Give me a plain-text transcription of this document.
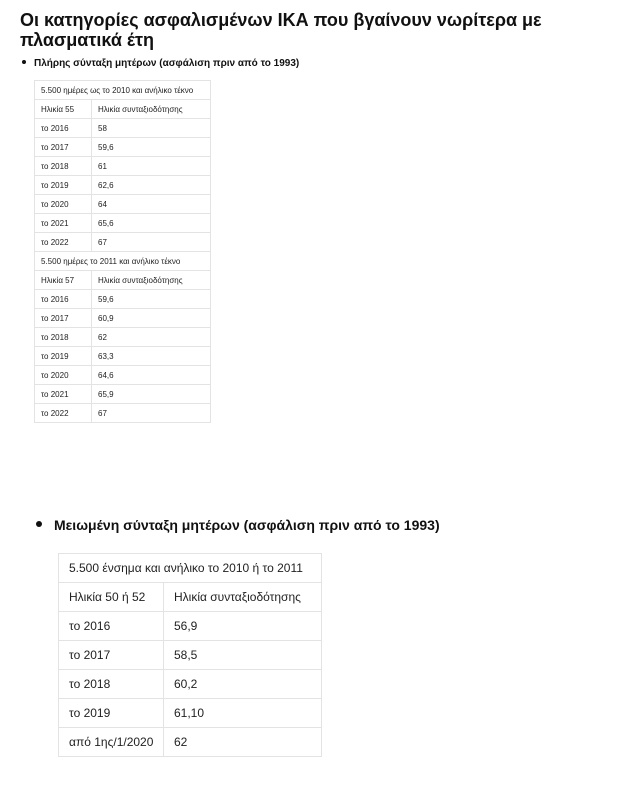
Οι κατηγορίες ασφαλισμένων ΙΚΑ που βγαίνουν νωρίτερα με πλασματικά έτη
Πλήρης σύνταξη μητέρων (ασφάλιση πριν από το 1993)
5.500 ημέρες ως το 2010 και ανήλικο τέκνο	
Ηλικία 55	Ηλικία συνταξιοδότησης
το 2016	58
το 2017	59,6
το 2018	61
το 2019	62,6
το 2020	64
το 2021	65,6
το 2022	67
5.500 ημέρες το 2011 και ανήλικο τέκνο	
Ηλικία 57	Ηλικία συνταξιοδότησης
το 2016	59,6
το 2017	60,9
το 2018	62
το 2019	63,3
το 2020	64,6
το 2021	65,9
το 2022	67
Μειωμένη σύνταξη μητέρων (ασφάλιση πριν από το 1993)
5.500 ένσημα και ανήλικο το 2010 ή το 2011	
Ηλικία 50 ή 52	Ηλικία συνταξιοδότησης
το 2016	56,9
το 2017	58,5
το 2018	60,2
το 2019	61,10
από 1ης/1/2020	62
